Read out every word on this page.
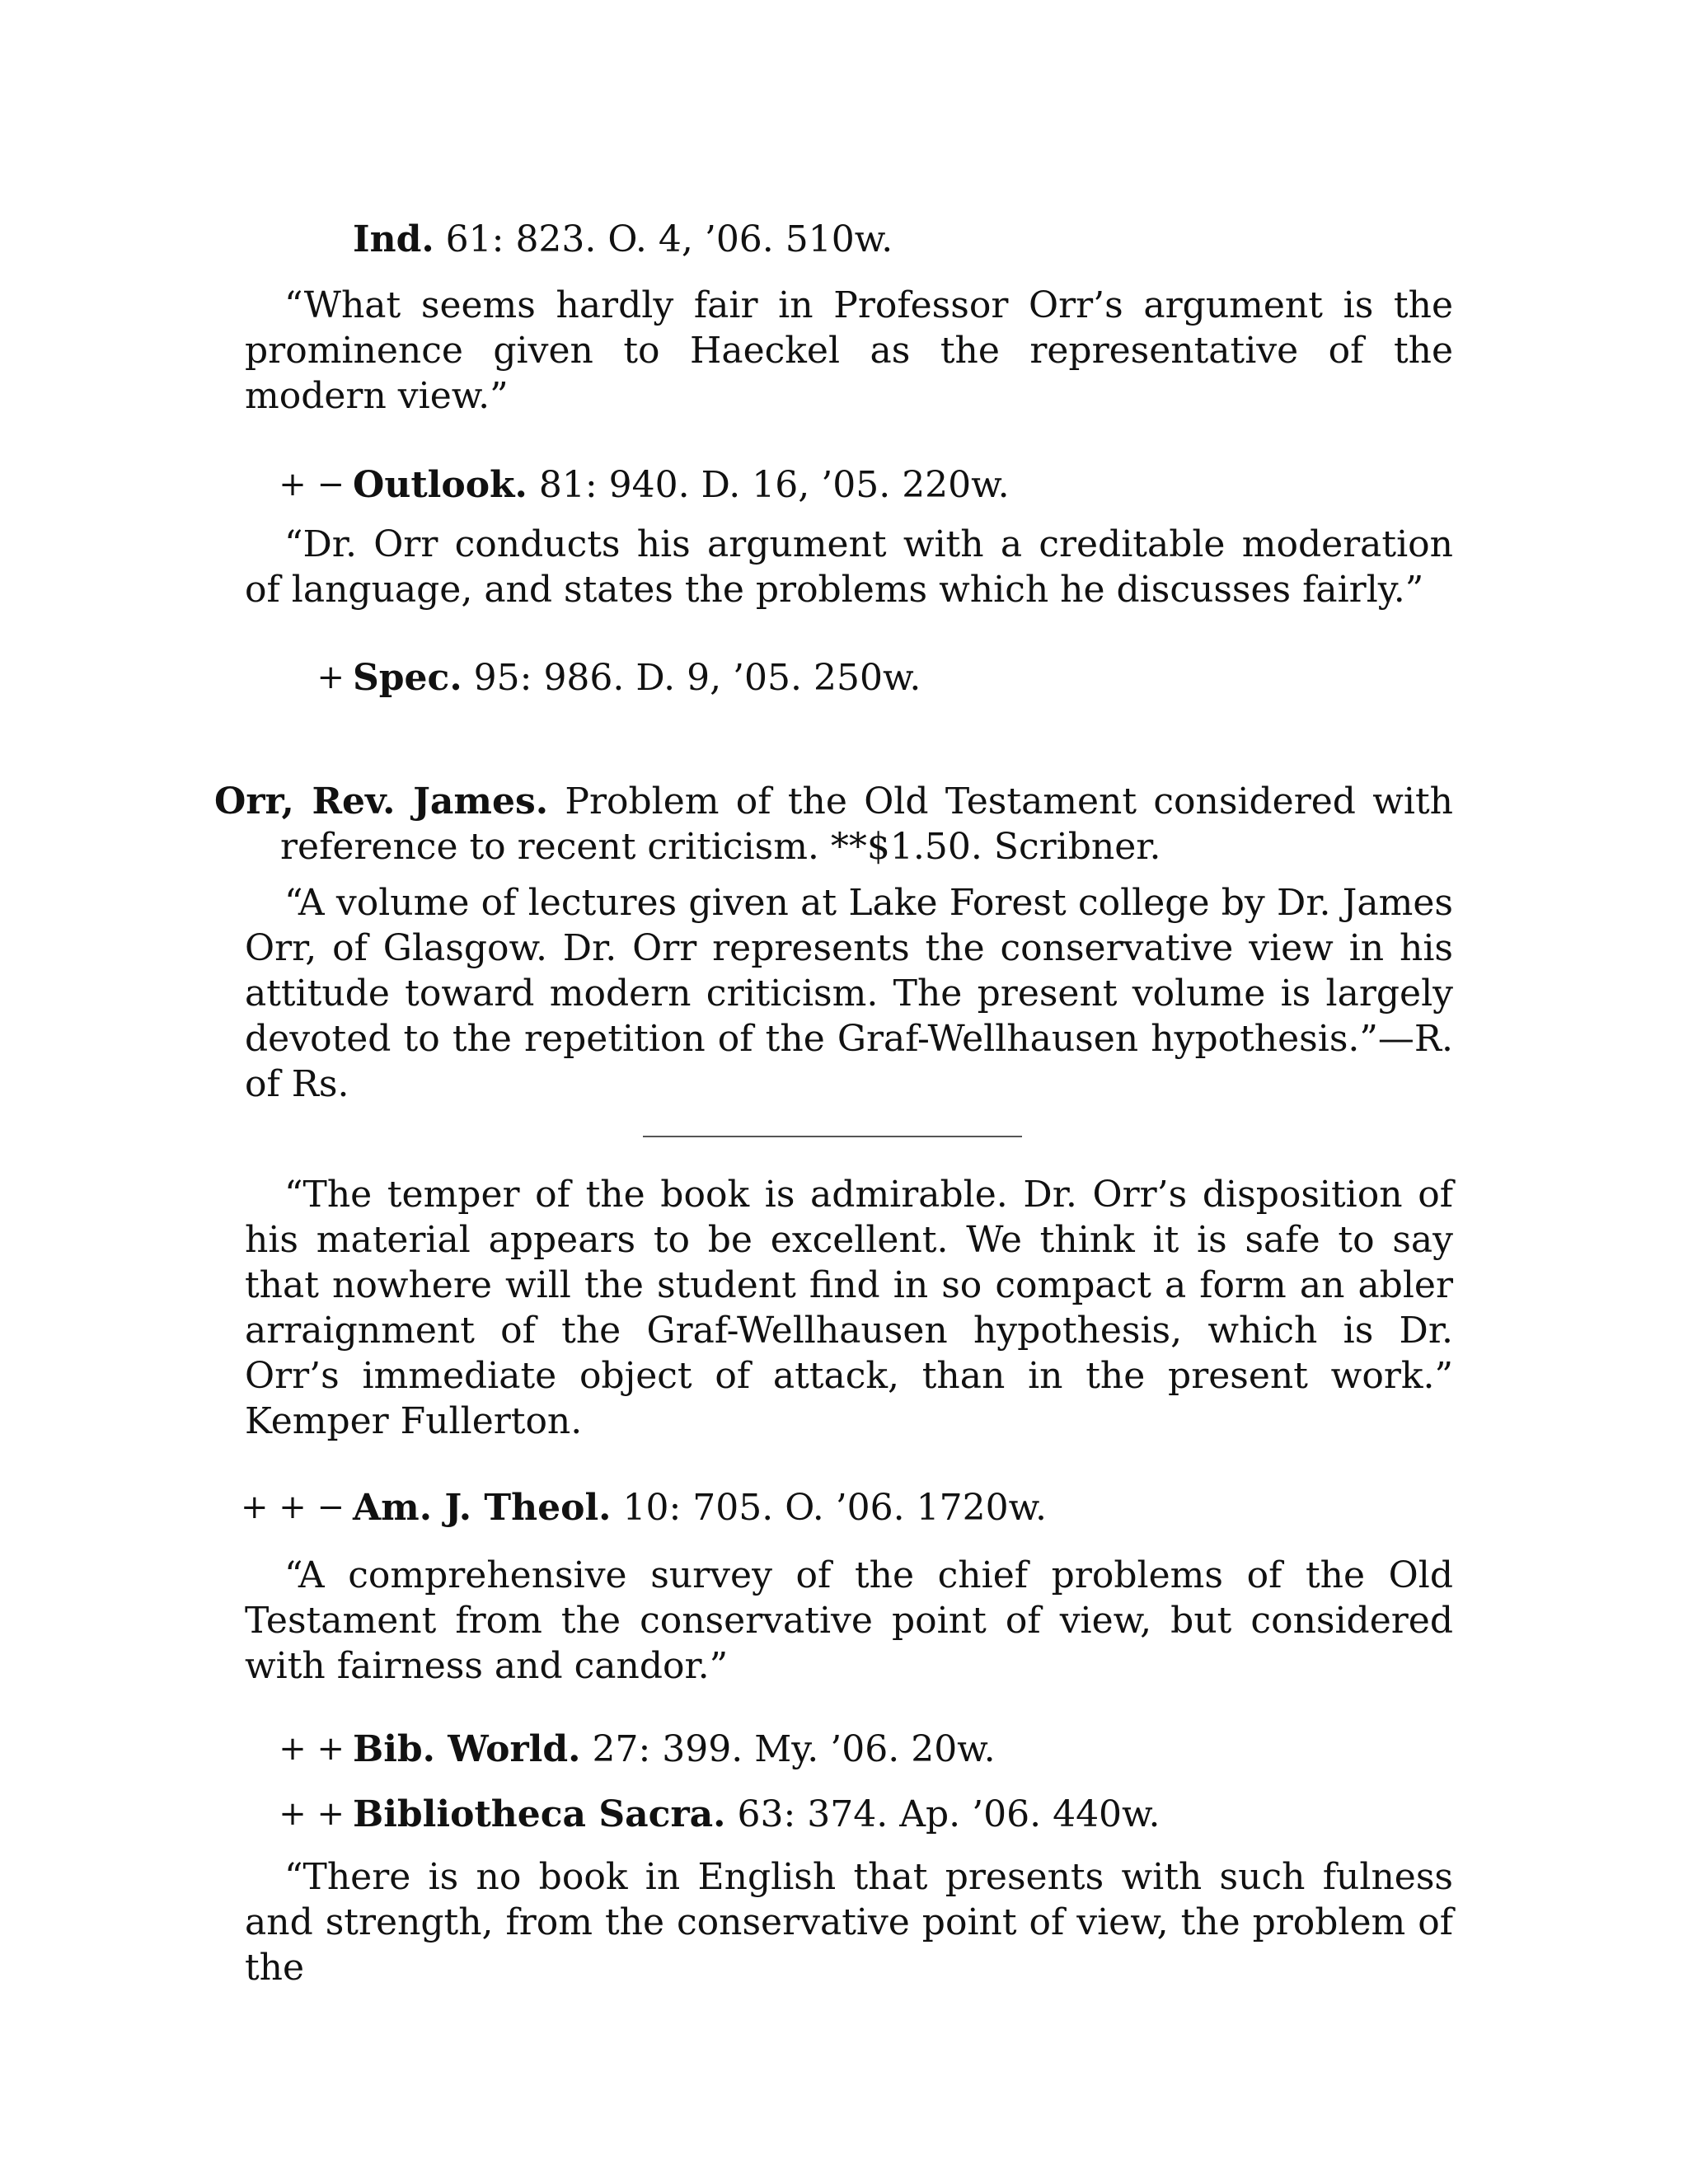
Ind. 61: 823. O. 4, ’06. 510w.
“What seems hardly fair in Professor Orr’s argument is the prominence given to Haeckel as the representative of the modern view.”
+ − Outlook. 81: 940. D. 16, ’05. 220w.
“Dr. Orr conducts his argument with a creditable moderation of language, and states the problems which he discusses fairly.”
+ Spec. 95: 986. D. 9, ’05. 250w.
Orr, Rev. James. Problem of the Old Testament considered with reference to recent criticism. **$1.50. Scribner.
“A volume of lectures given at Lake Forest college by Dr. James Orr, of Glasgow. Dr. Orr represents the conservative view in his attitude toward modern criticism. The present volume is largely devoted to the repetition of the Graf-Wellhausen hypothesis.”—R. of Rs.
“The temper of the book is admirable. Dr. Orr’s disposition of his material appears to be excellent. We think it is safe to say that nowhere will the student find in so compact a form an abler arraignment of the Graf-Wellhausen hypothesis, which is Dr. Orr’s immediate object of attack, than in the present work.” Kemper Fullerton.
+ + − Am. J. Theol. 10: 705. O. ’06. 1720w.
“A comprehensive survey of the chief problems of the Old Testament from the conservative point of view, but considered with fairness and candor.”
+ + Bib. World. 27: 399. My. ’06. 20w.
+ + Bibliotheca Sacra. 63: 374. Ap. ’06. 440w.
“There is no book in English that presents with such fulness and strength, from the conservative point of view, the problem of the
